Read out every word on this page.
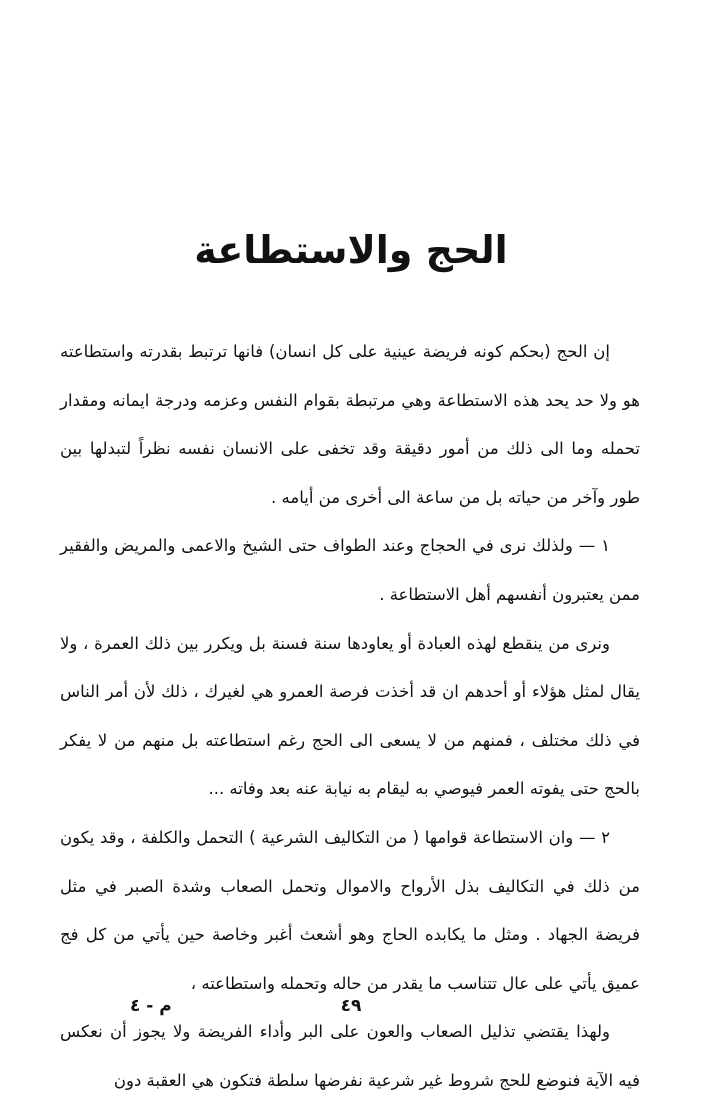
الحج والاستطاعة

إن الحج (بحكم كونه فريضة عينية على كل انسان) فانها ترتبط بقدرته واستطاعته هو ولا حد يحد هذه الاستطاعة وهي مرتبطة بقوام النفس وعزمه ودرجة ايمانه ومقدار تحمله وما الى ذلك من أمور دقيقة وقد تخفى على الانسان نفسه نظراً لتبدلها بين طور وآخر من حياته بل من ساعة الى أخرى من أيامه .

١ — ولذلك نرى في الحجاج وعند الطواف حتى الشيخ والاعمى والمريض والفقير ممن يعتبرون أنفسهم أهل الاستطاعة .

ونرى من ينقطع لهذه العبادة أو يعاودها سنة فسنة بل ويكرر بين ذلك العمرة ، ولا يقال لمثل هؤلاء أو أحدهم ان قد أخذت فرصة العمرو هي لغيرك ، ذلك لأن أمر الناس في ذلك مختلف ، فمنهم من لا يسعى الى الحج رغم استطاعته بل منهم من لا يفكر بالحج حتى يفوته العمر فيوصي به ليقام به نيابة عنه بعد وفاته ...

٢ — وان الاستطاعة قوامها ( من التكاليف الشرعية ) التحمل والكلفة ، وقد يكون من ذلك في التكاليف بذل الأرواح والاموال وتحمل الصعاب وشدة الصبر في مثل فريضة الجهاد . ومثل ما يكابده الحاج وهو أشعث أغبر وخاصة حين يأتي من كل فج عميق يأتي على عال تتناسب ما يقدر من حاله وتحمله واستطاعته ،

ولهذا يقتضي تذليل الصعاب والعون على البر وأداء الفريضة ولا يجوز أن نعكس فيه الآية فنوضع للحج شروط غير شرعية نفرضها سلطة فتكون هي العقبة دون

٤٩
م - ٤
